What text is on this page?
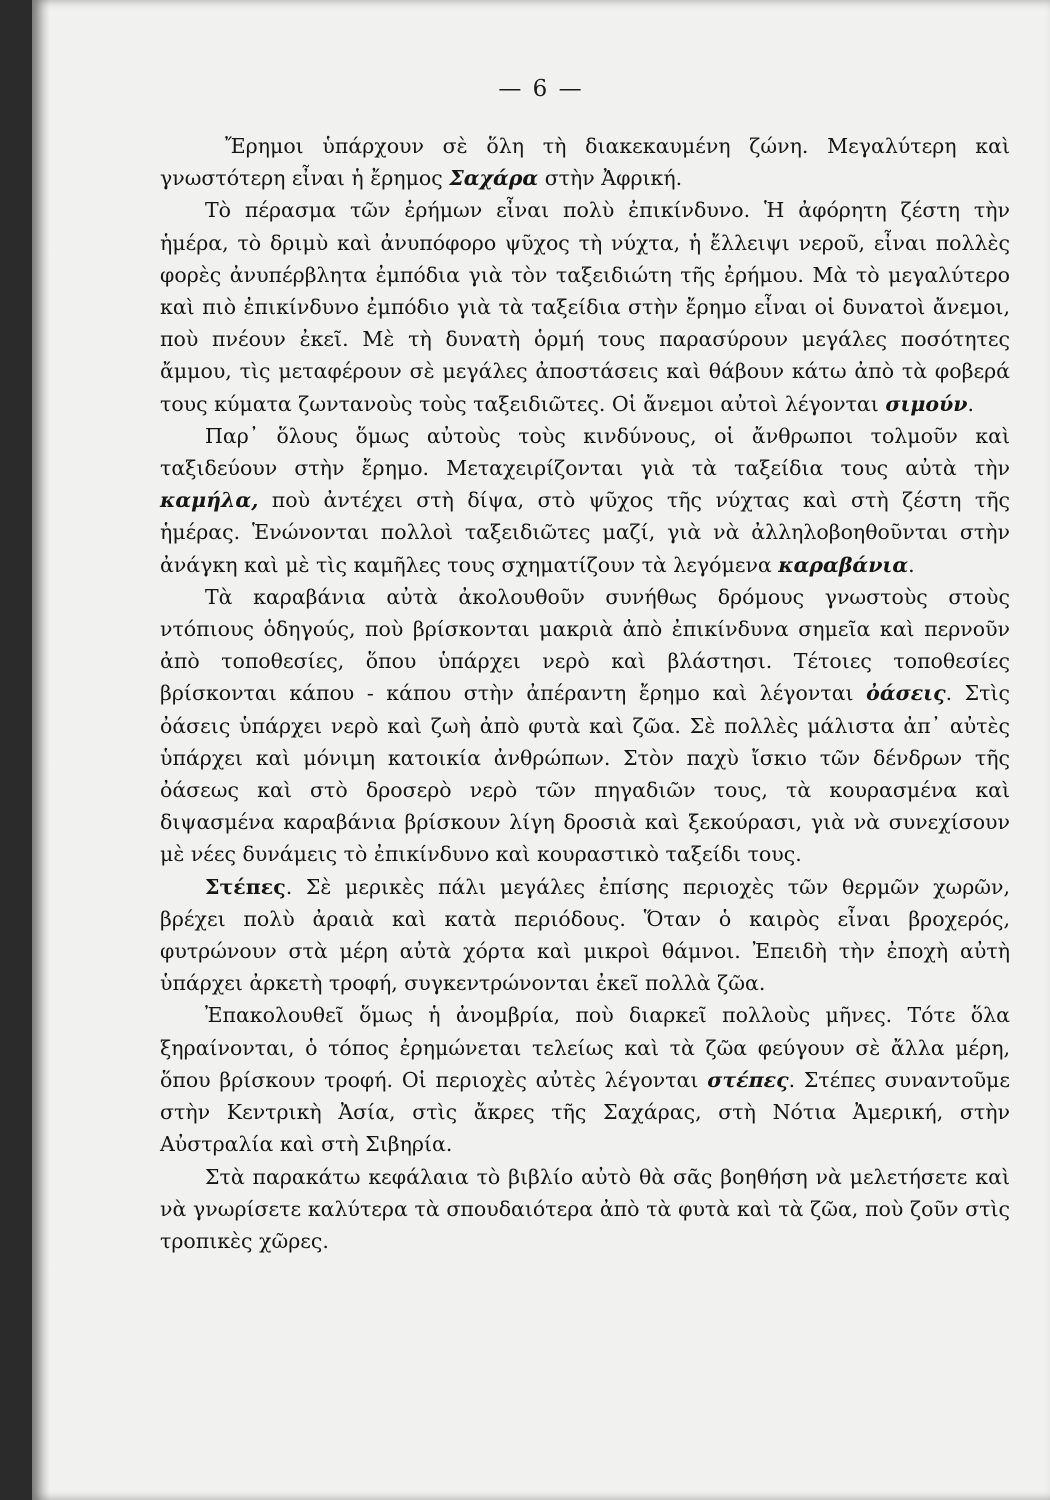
— 6 —

Ἔρημοι ὑπάρχουν σὲ ὅλη τὴ διακεκαυμένη ζώνη. Μεγαλύτερη καὶ γνωστότερη εἶναι ἡ ἔρημος Σαχάρα στὴν Ἀφρική.

Τὸ πέρασμα τῶν ἐρήμων εἶναι πολὺ ἐπικίνδυνο. Ἡ ἀφόρητη ζέστη τὴν ἡμέρα, τὸ δριμὺ καὶ ἀνυπόφορο ψῦχος τὴ νύχτα, ἡ ἔλλειψι νεροῦ, εἶναι πολλὲς φορὲς ἀνυπέρβλητα ἐμπόδια γιὰ τὸν ταξειδιώτη τῆς ἐρήμου. Μὰ τὸ μεγαλύτερο καὶ πιὸ ἐπικίνδυνο ἐμπόδιο γιὰ τὰ ταξείδια στὴν ἔρημο εἶναι οἱ δυνατοὶ ἄνεμοι, ποὺ πνέουν ἐκεῖ. Μὲ τὴ δυνατὴ ὁρμή τους παρασύρουν μεγάλες ποσότητες ἄμμου, τὶς μεταφέρουν σὲ μεγάλες ἀποστάσεις καὶ θάβουν κάτω ἀπὸ τὰ φοβερά τους κύματα ζωντανοὺς τοὺς ταξειδιῶτες. Οἱ ἄνεμοι αὐτοὶ λέγονται σιμούν.

Παρ᾽ ὅλους ὅμως αὐτοὺς τοὺς κινδύνους, οἱ ἄνθρωποι τολμοῦν καὶ ταξιδεύουν στὴν ἔρημο. Μεταχειρίζονται γιὰ τὰ ταξείδια τους αὐτὰ τὴν καμήλα, ποὺ ἀντέχει στὴ δίψα, στὸ ψῦχος τῆς νύχτας καὶ στὴ ζέστη τῆς ἡμέρας. Ἑνώνονται πολλοὶ ταξειδιῶτες μαζί, γιὰ νὰ ἀλληλοβοηθοῦνται στὴν ἀνάγκη καὶ μὲ τὶς καμῆλες τους σχηματίζουν τὰ λεγόμενα καραβάνια.

Τὰ καραβάνια αὐτὰ ἀκολουθοῦν συνήθως δρόμους γνωστοὺς στοὺς ντόπιους ὁδηγούς, ποὺ βρίσκονται μακριὰ ἀπὸ ἐπικίνδυνα σημεῖα καὶ περνοῦν ἀπὸ τοποθεσίες, ὅπου ὑπάρχει νερὸ καὶ βλάστησι. Τέτοιες τοποθεσίες βρίσκονται κάπου - κάπου στὴν ἀπέραντη ἔρημο καὶ λέγονται ὀάσεις. Στὶς ὀάσεις ὑπάρχει νερὸ καὶ ζωὴ ἀπὸ φυτὰ καὶ ζῶα. Σὲ πολλὲς μάλιστα ἀπ᾽ αὐτὲς ὑπάρχει καὶ μόνιμη κατοικία ἀνθρώπων. Στὸν παχὺ ἴσκιο τῶν δένδρων τῆς ὀάσεως καὶ στὸ δροσερὸ νερὸ τῶν πηγαδιῶν τους, τὰ κουρασμένα καὶ διψασμένα καραβάνια βρίσκουν λίγη δροσιὰ καὶ ξεκούρασι, γιὰ νὰ συνεχίσουν μὲ νέες δυνάμεις τὸ ἐπικίνδυνο καὶ κουραστικὸ ταξείδι τους.

Στέπες. Σὲ μερικὲς πάλι μεγάλες ἐπίσης περιοχὲς τῶν θερμῶν χωρῶν, βρέχει πολὺ ἀραιὰ καὶ κατὰ περιόδους. Ὅταν ὁ καιρὸς εἶναι βροχερός, φυτρώνουν στὰ μέρη αὐτὰ χόρτα καὶ μικροὶ θάμνοι. Ἐπειδὴ τὴν ἐποχὴ αὐτὴ ὑπάρχει ἀρκετὴ τροφή, συγκεντρώνονται ἐκεῖ πολλὰ ζῶα.

Ἐπακολουθεῖ ὅμως ἡ ἀνομβρία, ποὺ διαρκεῖ πολλοὺς μῆνες. Τότε ὅλα ξηραίνονται, ὁ τόπος ἐρημώνεται τελείως καὶ τὰ ζῶα φεύγουν σὲ ἄλλα μέρη, ὅπου βρίσκουν τροφή. Οἱ περιοχὲς αὐτὲς λέγονται στέπες. Στέπες συναντοῦμε στὴν Κεντρικὴ Ἀσία, στὶς ἄκρες τῆς Σαχάρας, στὴ Νότια Ἀμερική, στὴν Αὐστραλία καὶ στὴ Σιβηρία.

Στὰ παρακάτω κεφάλαια τὸ βιβλίο αὐτὸ θὰ σᾶς βοηθήση νὰ μελετήσετε καὶ νὰ γνωρίσετε καλύτερα τὰ σπουδαιότερα ἀπὸ τὰ φυτὰ καὶ τὰ ζῶα, ποὺ ζοῦν στὶς τροπικὲς χῶρες.
